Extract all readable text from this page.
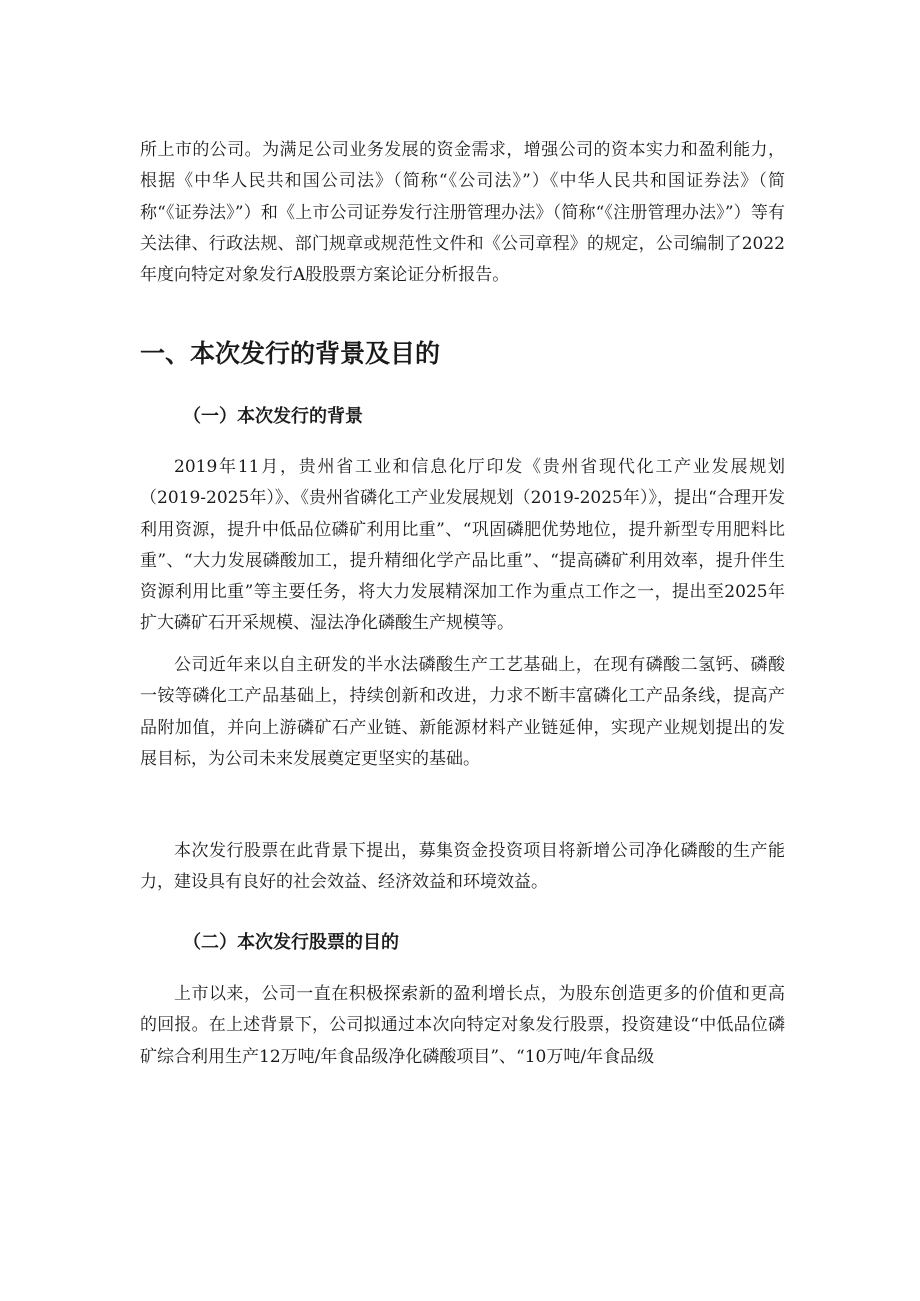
所上市的公司。为满足公司业务发展的资金需求，增强公司的资本实力和盈利能力，根据《中华人民共和国公司法》（简称“《公司法》”）《中华人民共和国证券法》（简称“《证券法》”）和《上市公司证券发行注册管理办法》（简称“《注册管理办法》”）等有关法律、行政法规、部门规章或规范性文件和《公司章程》的规定，公司编制了2022年度向特定对象发行A股股票方案论证分析报告。

一、本次发行的背景及目的
（一）本次发行的背景

2019年11月，贵州省工业和信息化厅印发《贵州省现代化工产业发展规划（2019-2025年）》、《贵州省磷化工产业发展规划（2019-2025年）》，提出“合理开发利用资源，提升中低品位磷矿利用比重”、“巩固磷肥优势地位，提升新型专用肥料比重”、“大力发展磷酸加工，提升精细化学产品比重”、“提高磷矿利用效率，提升伴生资源利用比重”等主要任务，将大力发展精深加工作为重点工作之一，提出至2025年扩大磷矿石开采规模、湿法净化磷酸生产规模等。

公司近年来以自主研发的半水法磷酸生产工艺基础上，在现有磷酸二氢钙、磷酸一铵等磷化工产品基础上，持续创新和改进，力求不断丰富磷化工产品条线，提高产品附加值，并向上游磷矿石产业链、新能源材料产业链延伸，实现产业规划提出的发展目标，为公司未来发展奠定更坚实的基础。

本次发行股票在此背景下提出，募集资金投资项目将新增公司净化磷酸的生产能力，建设具有良好的社会效益、经济效益和环境效益。

（二）本次发行股票的目的

上市以来，公司一直在积极探索新的盈利增长点，为股东创造更多的价值和更高的回报。在上述背景下，公司拟通过本次向特定对象发行股票，投资建设“中低品位磷矿综合利用生产12万吨/年食品级净化磷酸项目”、“10万吨/年食品级
